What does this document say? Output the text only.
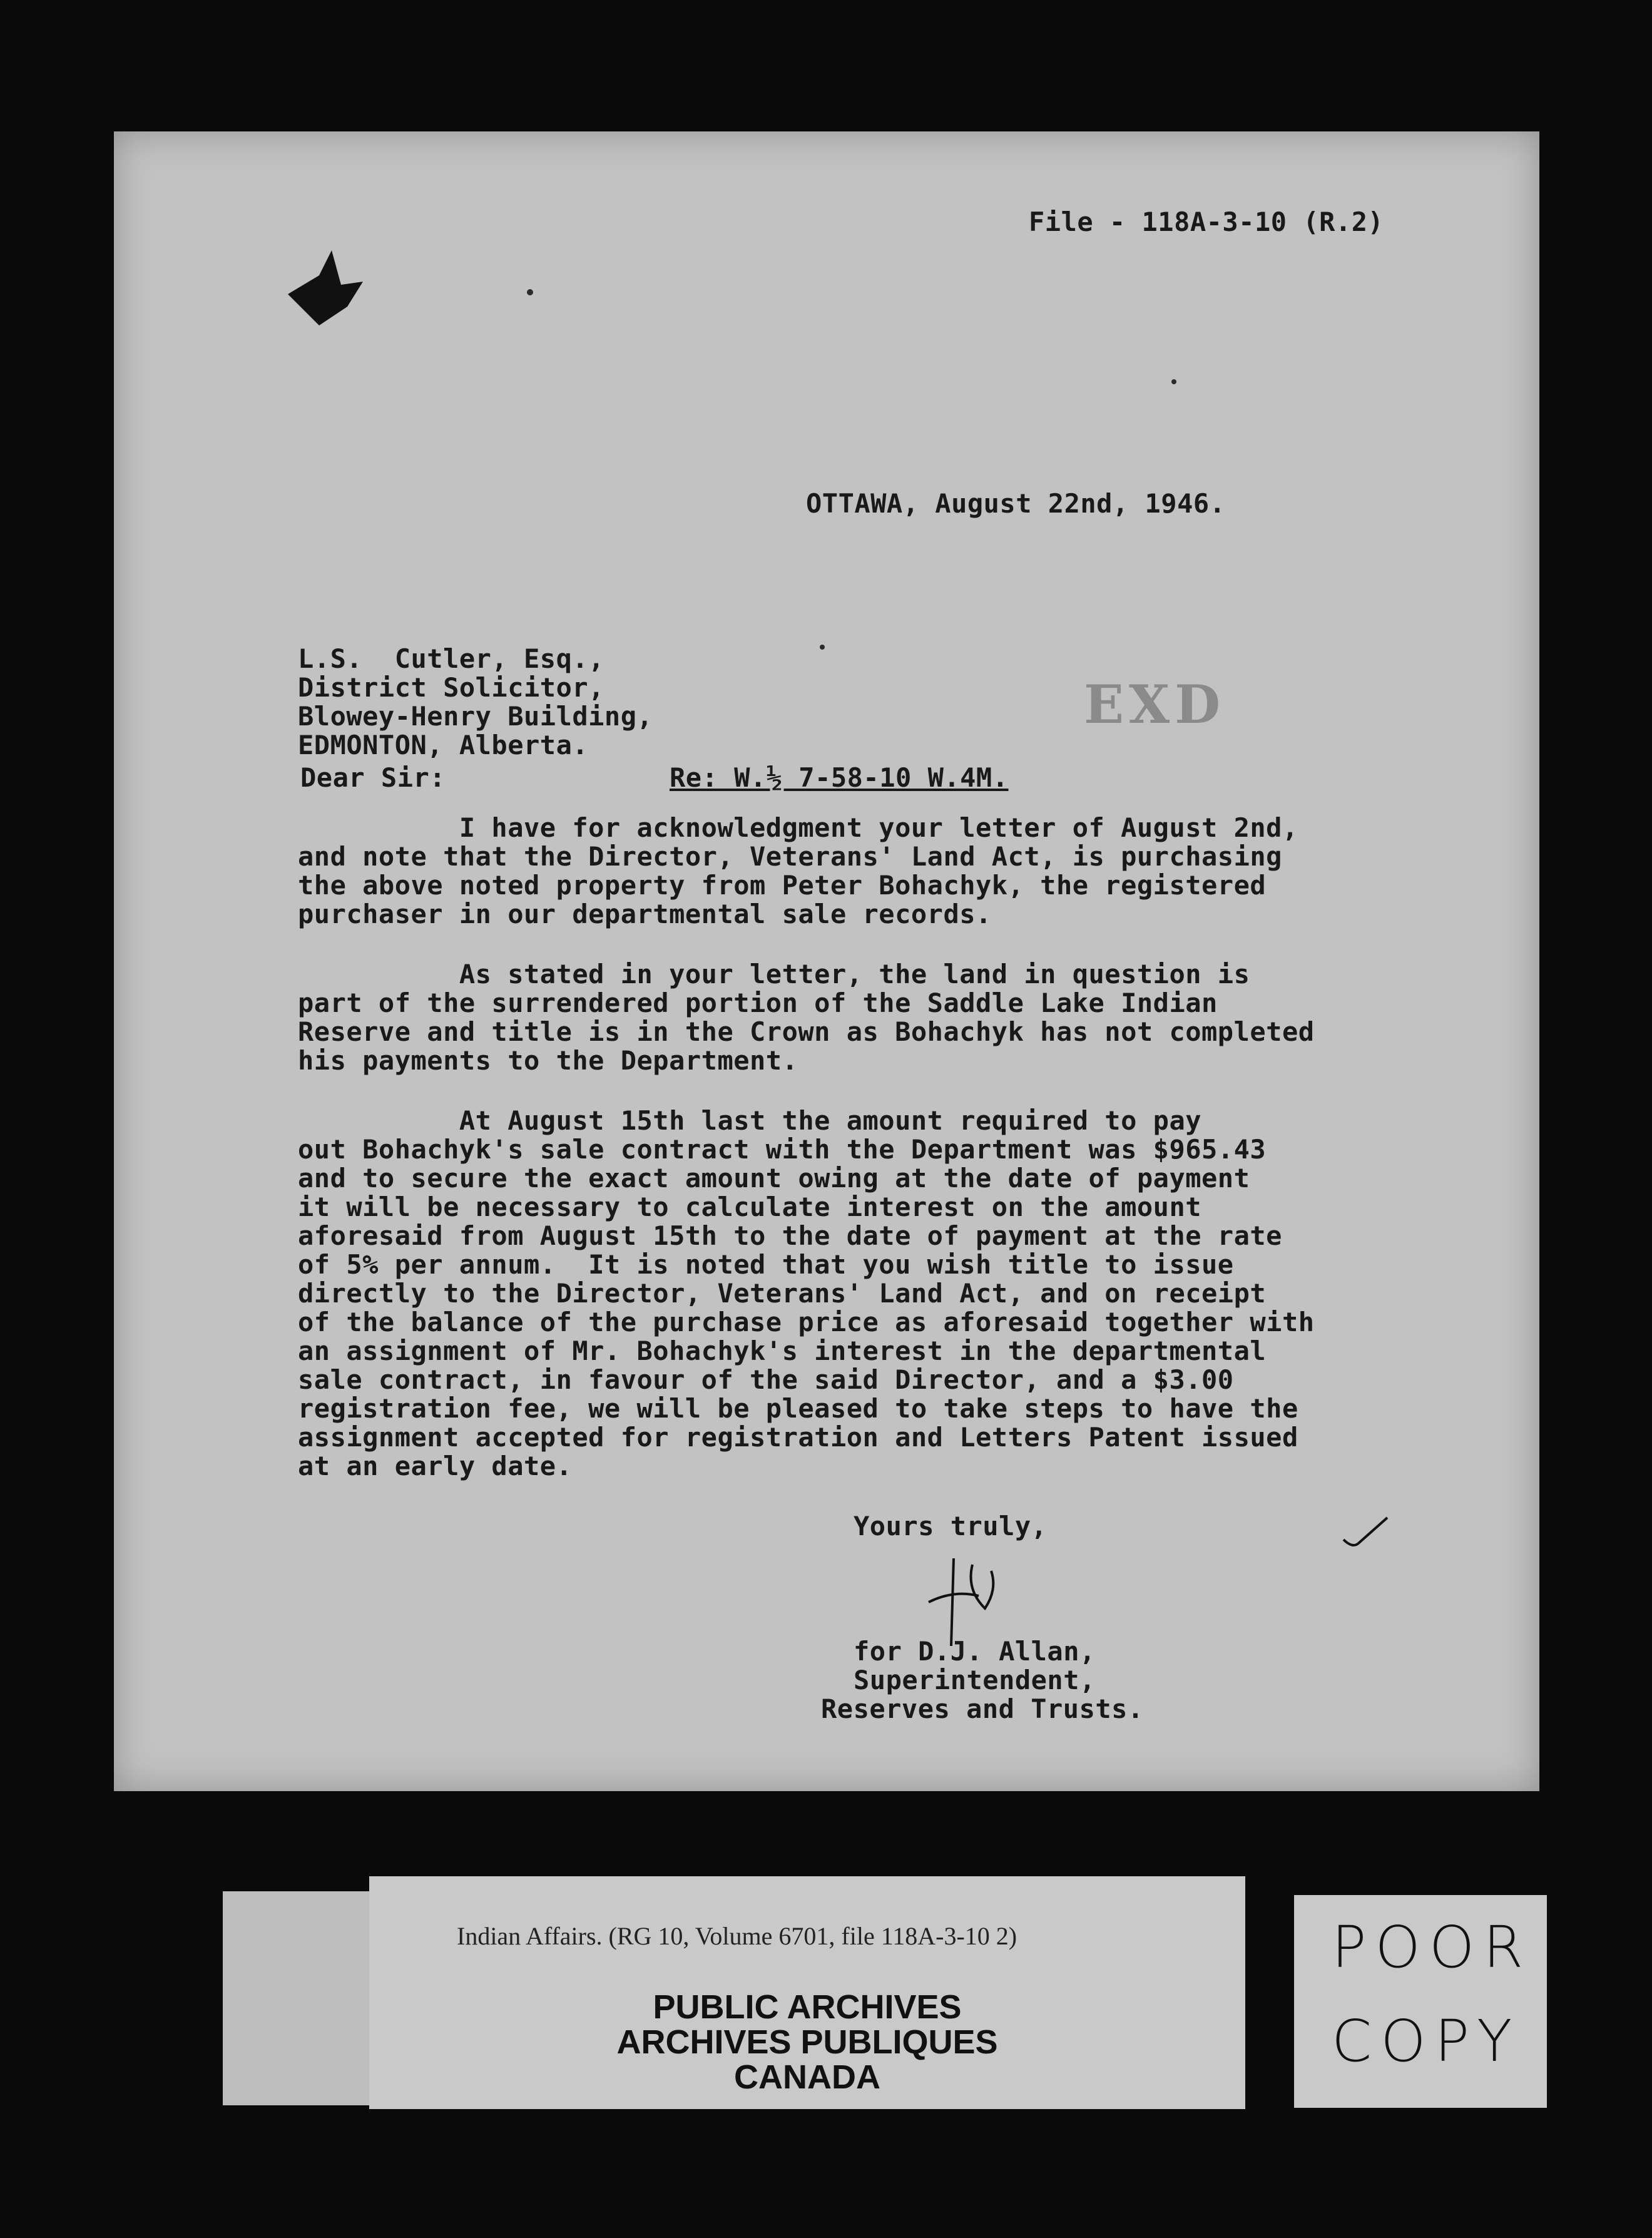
File - 118A-3-10 (R.2)
OTTAWA, August 22nd, 1946.
L.S.  Cutler, Esq.,
District Solicitor,
Blowey-Henry Building,
EDMONTON, Alberta.
EXD
Dear Sir:	Re: W.½ 7-58-10 W.4M.
I have for acknowledgment your letter of August 2nd,
and note that the Director, Veterans' Land Act, is purchasing
the above noted property from Peter Bohachyk, the registered
purchaser in our departmental sale records.
As stated in your letter, the land in question is
part of the surrendered portion of the Saddle Lake Indian
Reserve and title is in the Crown as Bohachyk has not completed
his payments to the Department.
At August 15th last the amount required to pay
out Bohachyk's sale contract with the Department was $965.43
and to secure the exact amount owing at the date of payment
it will be necessary to calculate interest on the amount
aforesaid from August 15th to the date of payment at the rate
of 5% per annum.  It is noted that you wish title to issue
directly to the Director, Veterans' Land Act, and on receipt
of the balance of the purchase price as aforesaid together with
an assignment of Mr. Bohachyk's interest in the departmental
sale contract, in favour of the said Director, and a $3.00
registration fee, we will be pleased to take steps to have the
assignment accepted for registration and Letters Patent issued
at an early date.
Yours truly,
for D.J. Allan,
Superintendent,
Reserves and Trusts.
Indian Affairs. (RG 10, Volume 6701, file 118A-3-10 2)
PUBLIC ARCHIVES
ARCHIVES PUBLIQUES
CANADA
POOR
COPY
